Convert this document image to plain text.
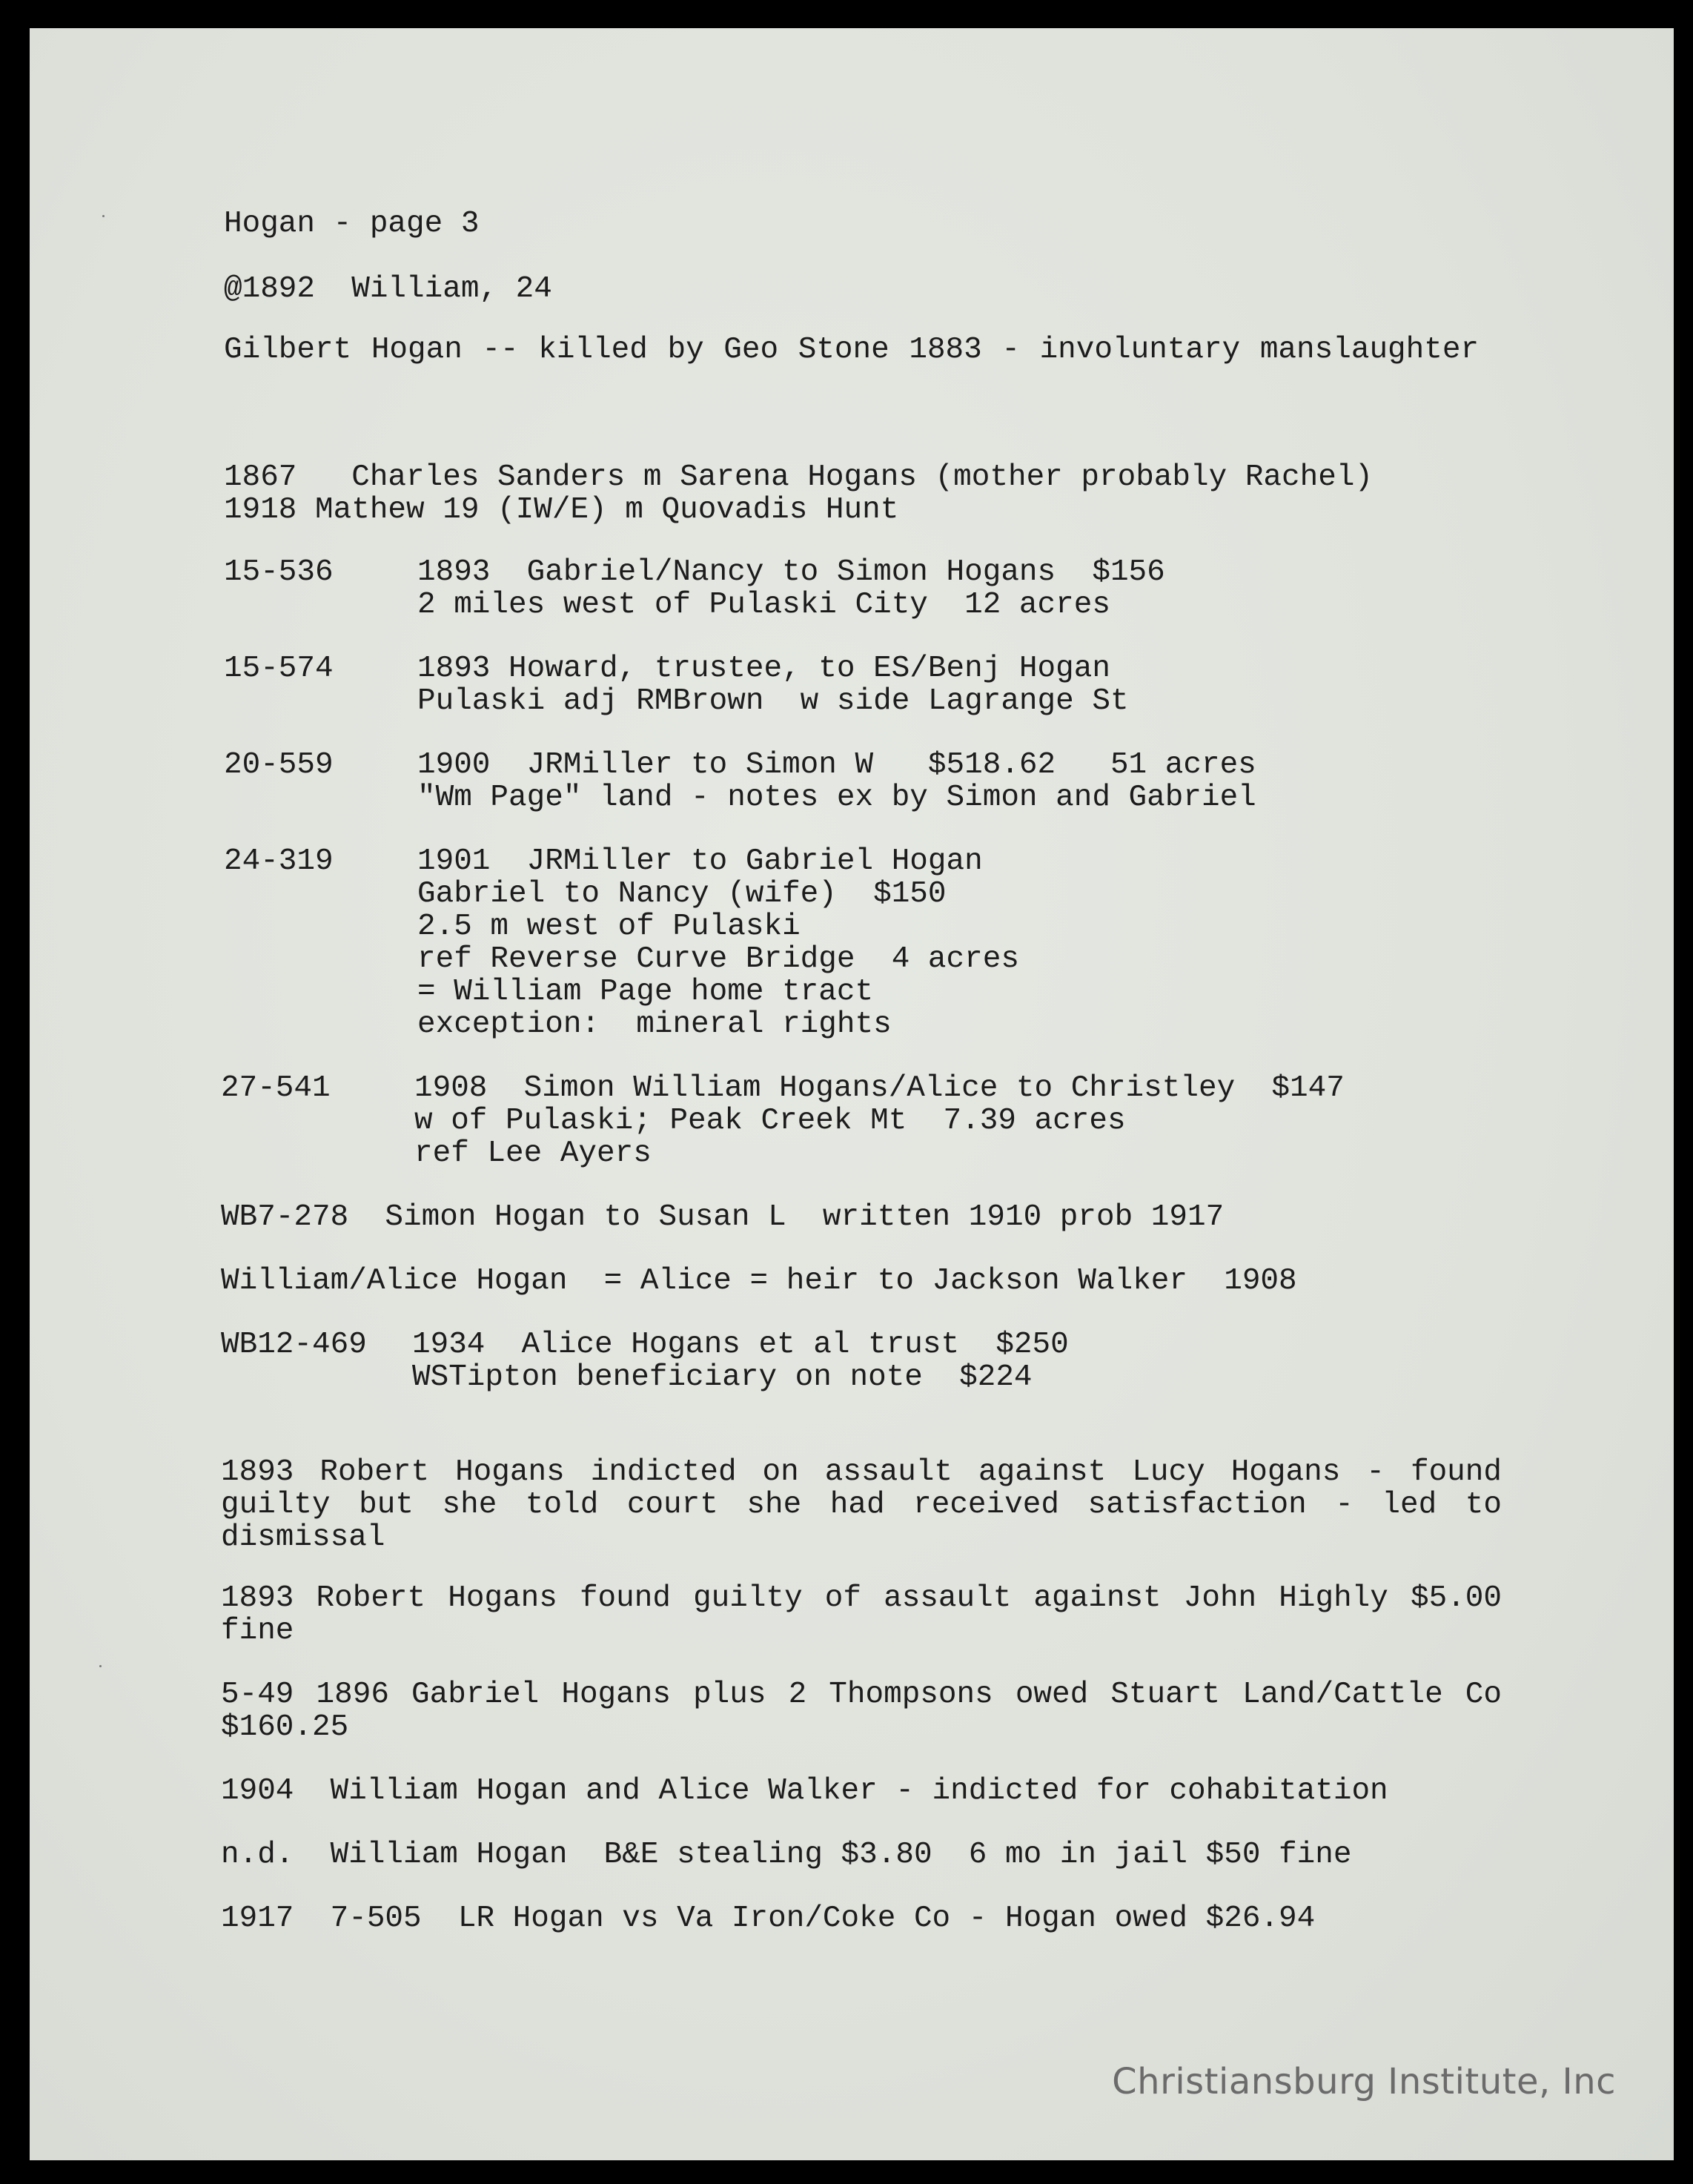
Hogan - page 3
@1892  William, 24
Gilbert Hogan -- killed by Geo Stone 1883 - involuntary manslaughter
1867   Charles Sanders m Sarena Hogans (mother probably Rachel)
1918 Mathew 19 (IW/E) m Quovadis Hunt
15-536	1893  Gabriel/Nancy to Simon Hogans  $156
2 miles west of Pulaski City  12 acres
15-574	1893 Howard, trustee, to ES/Benj Hogan
Pulaski adj RMBrown  w side Lagrange St
20-559	1900  JRMiller to Simon W   $518.62   51 acres
"Wm Page" land - notes ex by Simon and Gabriel
24-319	1901  JRMiller to Gabriel Hogan
Gabriel to Nancy (wife)  $150
2.5 m west of Pulaski
ref Reverse Curve Bridge  4 acres
= William Page home tract
exception:  mineral rights
27-541	1908  Simon William Hogans/Alice to Christley  $147
w of Pulaski; Peak Creek Mt  7.39 acres
ref Lee Ayers
WB7-278  Simon Hogan to Susan L  written 1910 prob 1917
William/Alice Hogan  = Alice = heir to Jackson Walker  1908
WB12-469 1934  Alice Hogans et al trust  $250
WSTipton beneficiary on note  $224
1893 Robert Hogans indicted on assault against Lucy Hogans - found guilty but she told court she had received satisfaction - led to dismissal
1893 Robert Hogans found guilty of assault against John Highly $5.00 fine
5-49 1896 Gabriel Hogans plus 2 Thompsons owed Stuart Land/Cattle Co $160.25
1904  William Hogan and Alice Walker - indicted for cohabitation
n.d.  William Hogan  B&E stealing $3.80  6 mo in jail $50 fine
1917  7-505  LR Hogan vs Va Iron/Coke Co - Hogan owed $26.94
Christiansburg Institute, Inc
